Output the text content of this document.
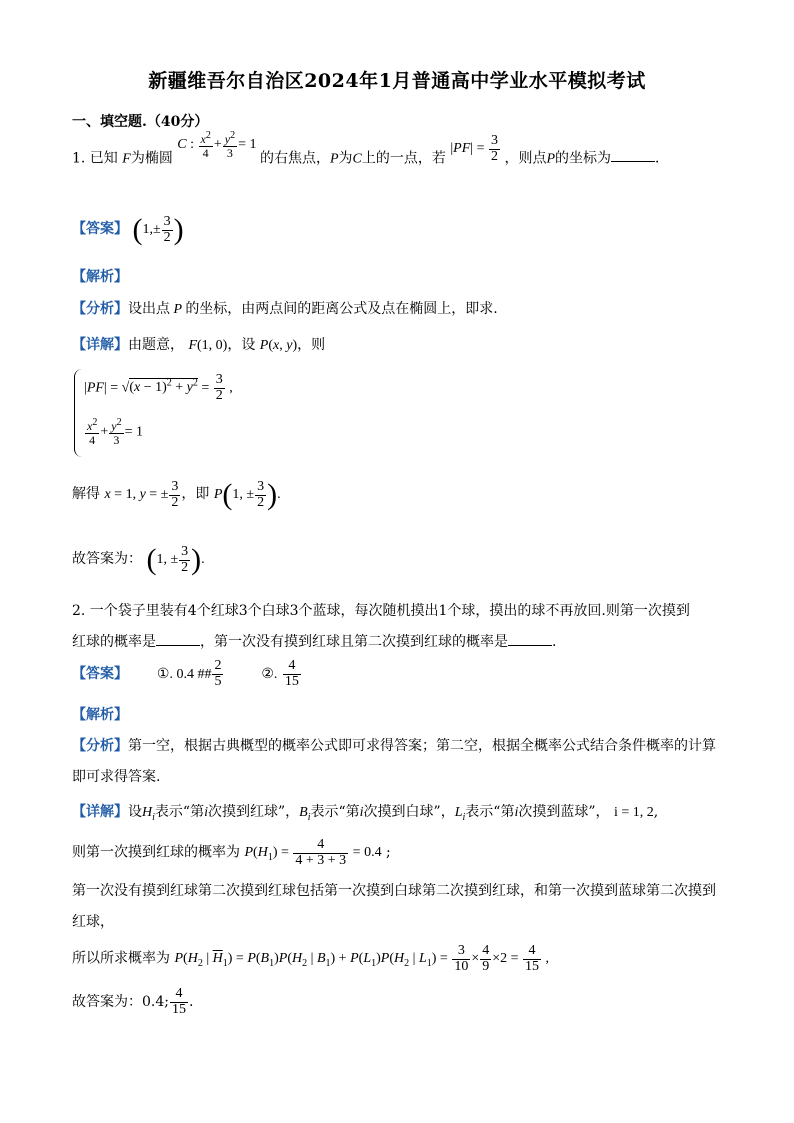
新疆维吾尔自治区2024年1月普通高中学业水平模拟考试
一、填空题.（40分）
1. 已知 F为椭圆 C : $\frac{x^2}{4} + \frac{y^2}{3} = 1$ 的右焦点，P为C上的一点，若 $|PF| = \frac{3}{2}$ ，则点P的坐标为	．
【答案】 ($1,\pm \frac{3}{2}$ )
【解析】
【分析】设出点 P 的坐标，由两点间的距离公式及点在椭圆上，即求.
【详解】由题意， F(1, 0)，设 P(x, y)，则
$|PF| = √(x - 1)^2 + y^2 = \frac{3}{2}$ ,
$\frac{x^2}{4} + \frac{y^2}{3} = 1$
解得 x = 1, y = ± $\frac{3}{2}$ ，即 P(1, ± $\frac{3}{2}$ ).
故答案为： (1, ± $\frac{3}{2}$ ).
2. 一个袋子里装有4个红球3个白球3个蓝球，每次随机摸出1个球，摸出的球不再放回.则第一次摸到
红球的概率是	，第一次没有摸到红球且第二次摸到红球的概率是	.
【答案】 ①. 0.4 ## $\frac{2}{5}$	②. $\frac{4}{15}$
【解析】
【分析】第一空，根据古典概型的概率公式即可求得答案；第二空，根据全概率公式结合条件概率的计算
即可求得答案.
【详解】设$H_i$表示“第i次摸到红球”，$B_i$表示“第i次摸到白球”，$L_i$表示“第i次摸到蓝球”， i = 1, 2,
则第一次摸到红球的概率为 $P(H_1) = \frac{4}{4 + 3 + 3} = 0.4$ ;
第一次没有摸到红球第二次摸到红球包括第一次摸到白球第二次摸到红球，和第一次摸到蓝球第二次摸到
红球，
所以所求概率为 $P(H_2$ | $\overline{H}_1) = P(B_1)P(H_2$ | $B_1) + P(L_1)P(H_2$ | $L_1) = \frac{3}{10} \times \frac{4}{9} \times 2 = \frac{4}{15}$ ,
故答案为：0.4; $\frac{4}{15}$ .
